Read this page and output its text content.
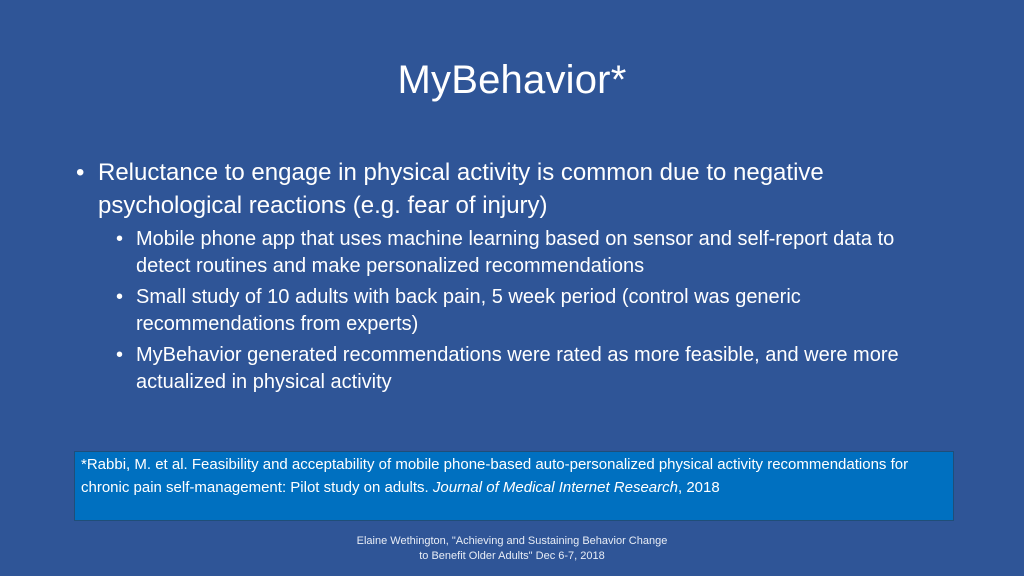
MyBehavior*
• Reluctance to engage in physical activity is common due to negative psychological reactions (e.g. fear of injury)
• Mobile phone app that uses machine learning based on sensor and self-report data to detect routines and make personalized recommendations
• Small study of 10 adults with back pain, 5 week period (control was generic recommendations from experts)
• MyBehavior generated recommendations were rated as more feasible, and were more actualized in physical activity
*Rabbi, M. et al. Feasibility and acceptability of mobile phone-based auto-personalized physical activity recommendations for chronic pain self-management: Pilot study on adults. Journal of Medical Internet Research, 2018
Elaine Wethington, "Achieving and Sustaining Behavior Change
to Benefit Older Adults" Dec 6-7, 2018
